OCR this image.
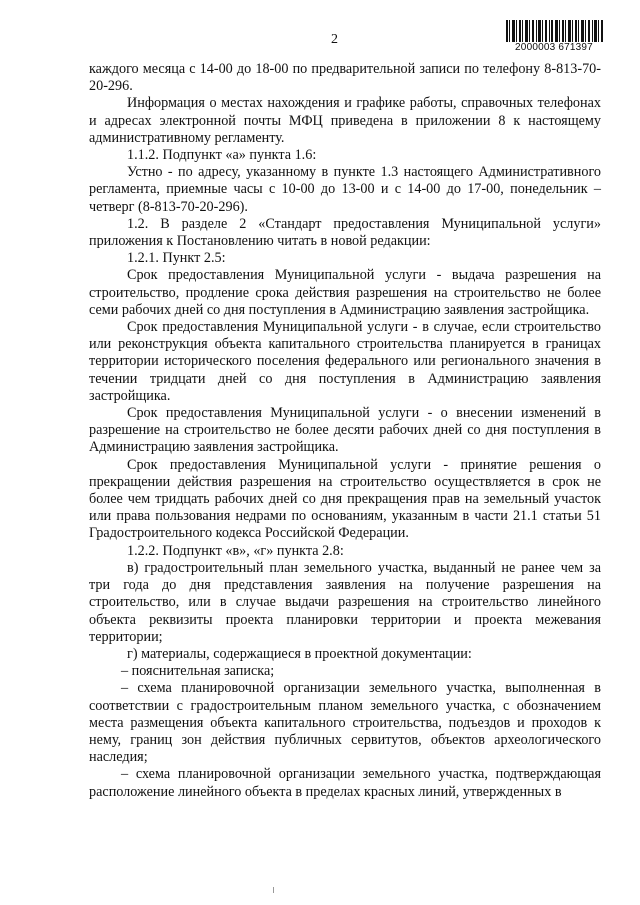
2
2000003 671397

каждого месяца с 14-00 до 18-00 по предварительной записи по телефону 8-813-70-20-296.

Информация о местах нахождения и графике работы, справочных телефонах и адресах электронной почты МФЦ приведена в приложении 8 к настоящему административному регламенту.

1.1.2. Подпункт «а» пункта 1.6:

Устно - по адресу, указанному в пункте 1.3 настоящего Административного регламента, приемные часы с 10-00 до 13-00 и с 14-00 до 17-00, понедельник – четверг (8-813-70-20-296).

1.2. В разделе 2 «Стандарт предоставления Муниципальной услуги» приложения к Постановлению читать в новой редакции:

1.2.1. Пункт 2.5:

Срок предоставления Муниципальной услуги - выдача разрешения на строительство, продление срока действия разрешения на строительство не более семи рабочих дней со дня поступления в Администрацию заявления застройщика.

Срок предоставления Муниципальной услуги - в случае, если строительство или реконструкция объекта капитального строительства планируется в границах территории исторического поселения федерального или регионального значения в течении тридцати дней со дня поступления в Администрацию заявления застройщика.

Срок предоставления Муниципальной услуги - о внесении изменений в разрешение на строительство не более десяти рабочих дней со дня поступления в Администрацию заявления застройщика.

Срок предоставления Муниципальной услуги - принятие решения о прекращении действия разрешения на строительство осуществляется в срок не более чем тридцать рабочих дней со дня прекращения прав на земельный участок или права пользования недрами по основаниям, указанным в части 21.1 статьи 51 Градостроительного кодекса Российской Федерации.

1.2.2. Подпункт «в», «г» пункта 2.8:

в) градостроительный план земельного участка, выданный не ранее чем за три года до дня представления заявления на получение разрешения на строительство, или в случае выдачи разрешения на строительство линейного объекта реквизиты проекта планировки территории и проекта межевания территории;

г) материалы, содержащиеся в проектной документации:

– пояснительная записка;

– схема планировочной организации земельного участка, выполненная в соответствии с градостроительным планом земельного участка, с обозначением места размещения объекта капитального строительства, подъездов и проходов к нему, границ зон действия публичных сервитутов, объектов археологического наследия;

– схема планировочной организации земельного участка, подтверждающая расположение линейного объекта в пределах красных линий, утвержденных в
